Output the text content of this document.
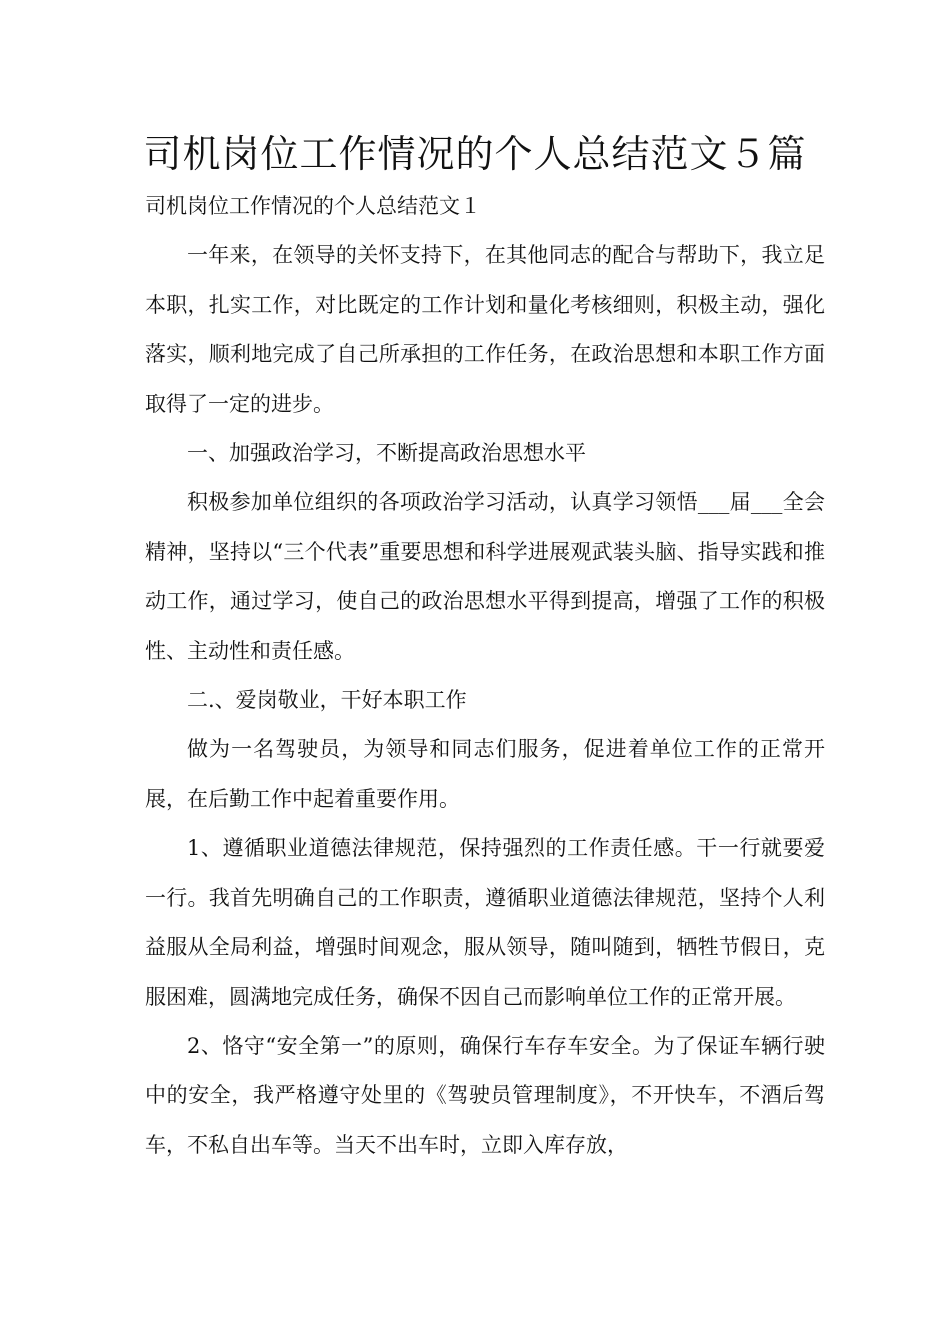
司机岗位工作情况的个人总结范文５篇

司机岗位工作情况的个人总结范文１

一年来，在领导的关怀支持下，在其他同志的配合与帮助下，我立足本职，扎实工作，对比既定的工作计划和量化考核细则，积极主动，强化落实，顺利地完成了自己所承担的工作任务，在政治思想和本职工作方面取得了一定的进步。

一、加强政治学习，不断提高政治思想水平

积极参加单位组织的各项政治学习活动，认真学习领悟___届___全会精神，坚持以“三个代表”重要思想和科学进展观武装头脑、指导实践和推动工作，通过学习，使自己的政治思想水平得到提高，增强了工作的积极性、主动性和责任感。

二.、爱岗敬业，干好本职工作

做为一名驾驶员，为领导和同志们服务，促进着单位工作的正常开展，在后勤工作中起着重要作用。

1、遵循职业道德法律规范，保持强烈的工作责任感。干一行就要爱一行。我首先明确自己的工作职责，遵循职业道德法律规范，坚持个人利益服从全局利益，增强时间观念，服从领导，随叫随到，牺牲节假日，克服困难，圆满地完成任务，确保不因自己而影响单位工作的正常开展。

2、恪守“安全第一”的原则，确保行车存车安全。为了保证车辆行驶中的安全，我严格遵守处里的《驾驶员管理制度》，不开快车，不酒后驾车，不私自出车等。当天不出车时，立即入库存放，
